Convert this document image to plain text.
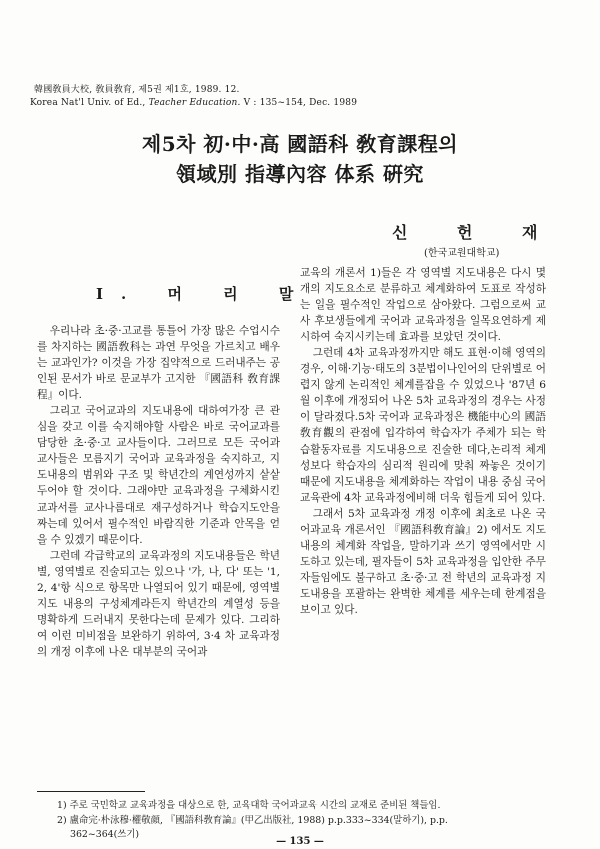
韓國敎員大校, 敎員敎育, 제5권 제1호, 1989. 12.
Korea Nat'l Univ. of Ed., Teacher Education. V : 135~154, Dec. 1989
제5차 初·中·高 國語科 敎育課程의
領域別 指導內容 体系 硏究
신 헌 재
(한국교원대학교)
I. 머 리 말

우리나라 초·중·고교를 통틀어 가장 많은 수업시수를 차지하는 國語敎科는 과연 무엇을 가르치고 배우는 교과인가? 이것을 가장 집약적으로 드러내주는 공인된 문서가 바로 문교부가 고지한 『國語科 敎育課程』이다.

그리고 국어교과의 지도내용에 대하여가장 큰 관심을 갖고 이를 숙지해야할 사람은 바로 국어교과를 담당한 초·중·고 교사들이다. 그러므로 모든 국어과 교사들은 모름지기 국어과 교육과정을 숙지하고, 지도내용의 범위와 구조 및 학년간의 계연성까지 샅샅 두어야 할 것이다. 그래야만 교육과정을 구체화시킨 교과서를 교사나름대로 재구성하거나 학습지도안을 짜는데 있어서 필수적인 바람직한 기준과 안목을 얻을 수 있겠기 때문이다.

그런데 각급학교의 교육과정의 지도내용들은 학년별, 영역별로 진술되고는 있으나 '가, 나, 다' 또는 '1, 2, 4'항 식으로 항목만 나열되어 있기 때문에, 영역별 지도 내용의 구성체계라든지 학년간의 계열성 등을 명확하게 드러내지 못한다는데 문제가 있다. 그리하여 이런 미비점을 보완하기 위하여, 3·4 차 교육과정의 개정 이후에 나온 대부분의 국어과

교육의 개론서 1)들은 각 영역별 지도내용은 다시 몇개의 지도요소로 분류하고 체계화하여 도표로 작성하는 일을 필수적인 작업으로 삼아왔다. 그럼으로써 교사 후보생들에게 국어과 교육과정을 일목요연하게 제시하여 숙지시키는데 효과를 보았던 것이다.

그런데 4차 교육과정까지만 해도 표현·이해 영역의 경우, 이해·기능·태도의 3분법이나인어의 단위별로 어렵지 않게 논리적인 체계를잡을 수 있었으나 '87년 6월 이후에 개정되어 나온 5차 교육과정의 경우는 사정이 달라졌다.5차 국어과 교육과정은 機能中心의 國語敎育觀의 관점에 입각하여 학습자가 주체가 되는 학습활동자료를 지도내용으로 진술한 데다,논리적 체계성보다 학습자의 심리적 원리에 맞춰 짜놓은 것이기 때문에 지도내용을 체계화하는 작업이 내용 중심 국어교육관에 4차 교육과정에비해 더욱 힘들게 되어 있다.

그래서 5차 교육과정 개정 이후에 최초로 나온 국어과교육 개론서인 『國語科敎育論』2) 에서도 지도내용의 체계화 작업을, 말하기과 쓰기 영역에서만 시도하고 있는데, 필자들이 5차 교육과정을 입안한 주무자들임에도 불구하고 초·중·고 전 학년의 교육과정 지도내용을 포괄하는 완벽한 체계를 세우는데 한계점을 보이고 있다.

1) 주로 국민학교 교육과정을 대상으로 한, 교육대학 국어과교육 시간의 교재로 준비된 책들임.
2) 盧命完·朴泳穆·權敬顔, 『國語科敎育論』(甲乙出版社, 1988) p.p.333~334(말하기), p.p.
362~364(쓰기)
— 135 —
